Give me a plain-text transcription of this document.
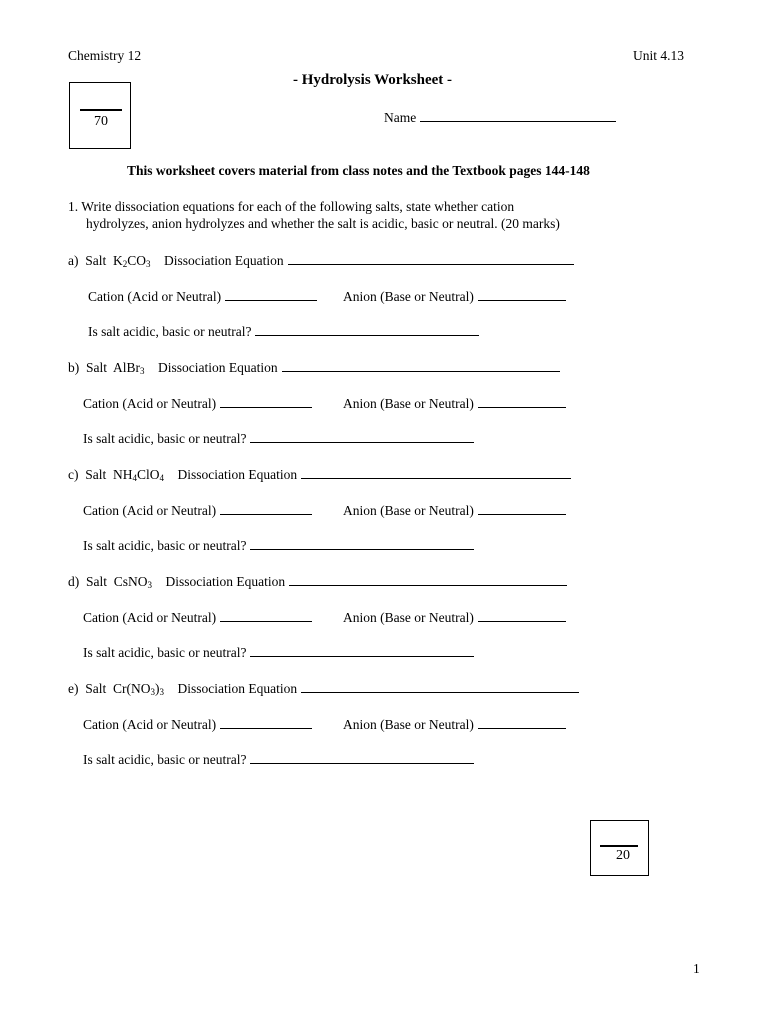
Chemistry 12	Unit 4.13
- Hydrolysis Worksheet -
70	Name
This worksheet covers material from class notes and the Textbook pages 144-148
1. Write dissociation equations for each of the following salts, state whether cation
hydrolyzes, anion hydrolyzes and whether the salt is acidic, basic or neutral. (20 marks)
a) Salt $K_2CO_3$ Dissociation Equation
Cation (Acid or Neutral)	Anion (Base or Neutral)
Is salt acidic, basic or neutral?
b) Salt AlBr$_3$ Dissociation Equation
Cation (Acid or Neutral)	Anion (Base or Neutral)
Is salt acidic, basic or neutral?
c) Salt $NH_4ClO_4$ Dissociation Equation
Cation (Acid or Neutral)	Anion (Base or Neutral)
Is salt acidic, basic or neutral?
d) Salt CsNO$_3$ Dissociation Equation
Cation (Acid or Neutral)	Anion (Base or Neutral)
Is salt acidic, basic or neutral?
e) Salt $Cr(NO_3)_3$ Dissociation Equation
Cation (Acid or Neutral)	Anion (Base or Neutral)
Is salt acidic, basic or neutral?
20
1
